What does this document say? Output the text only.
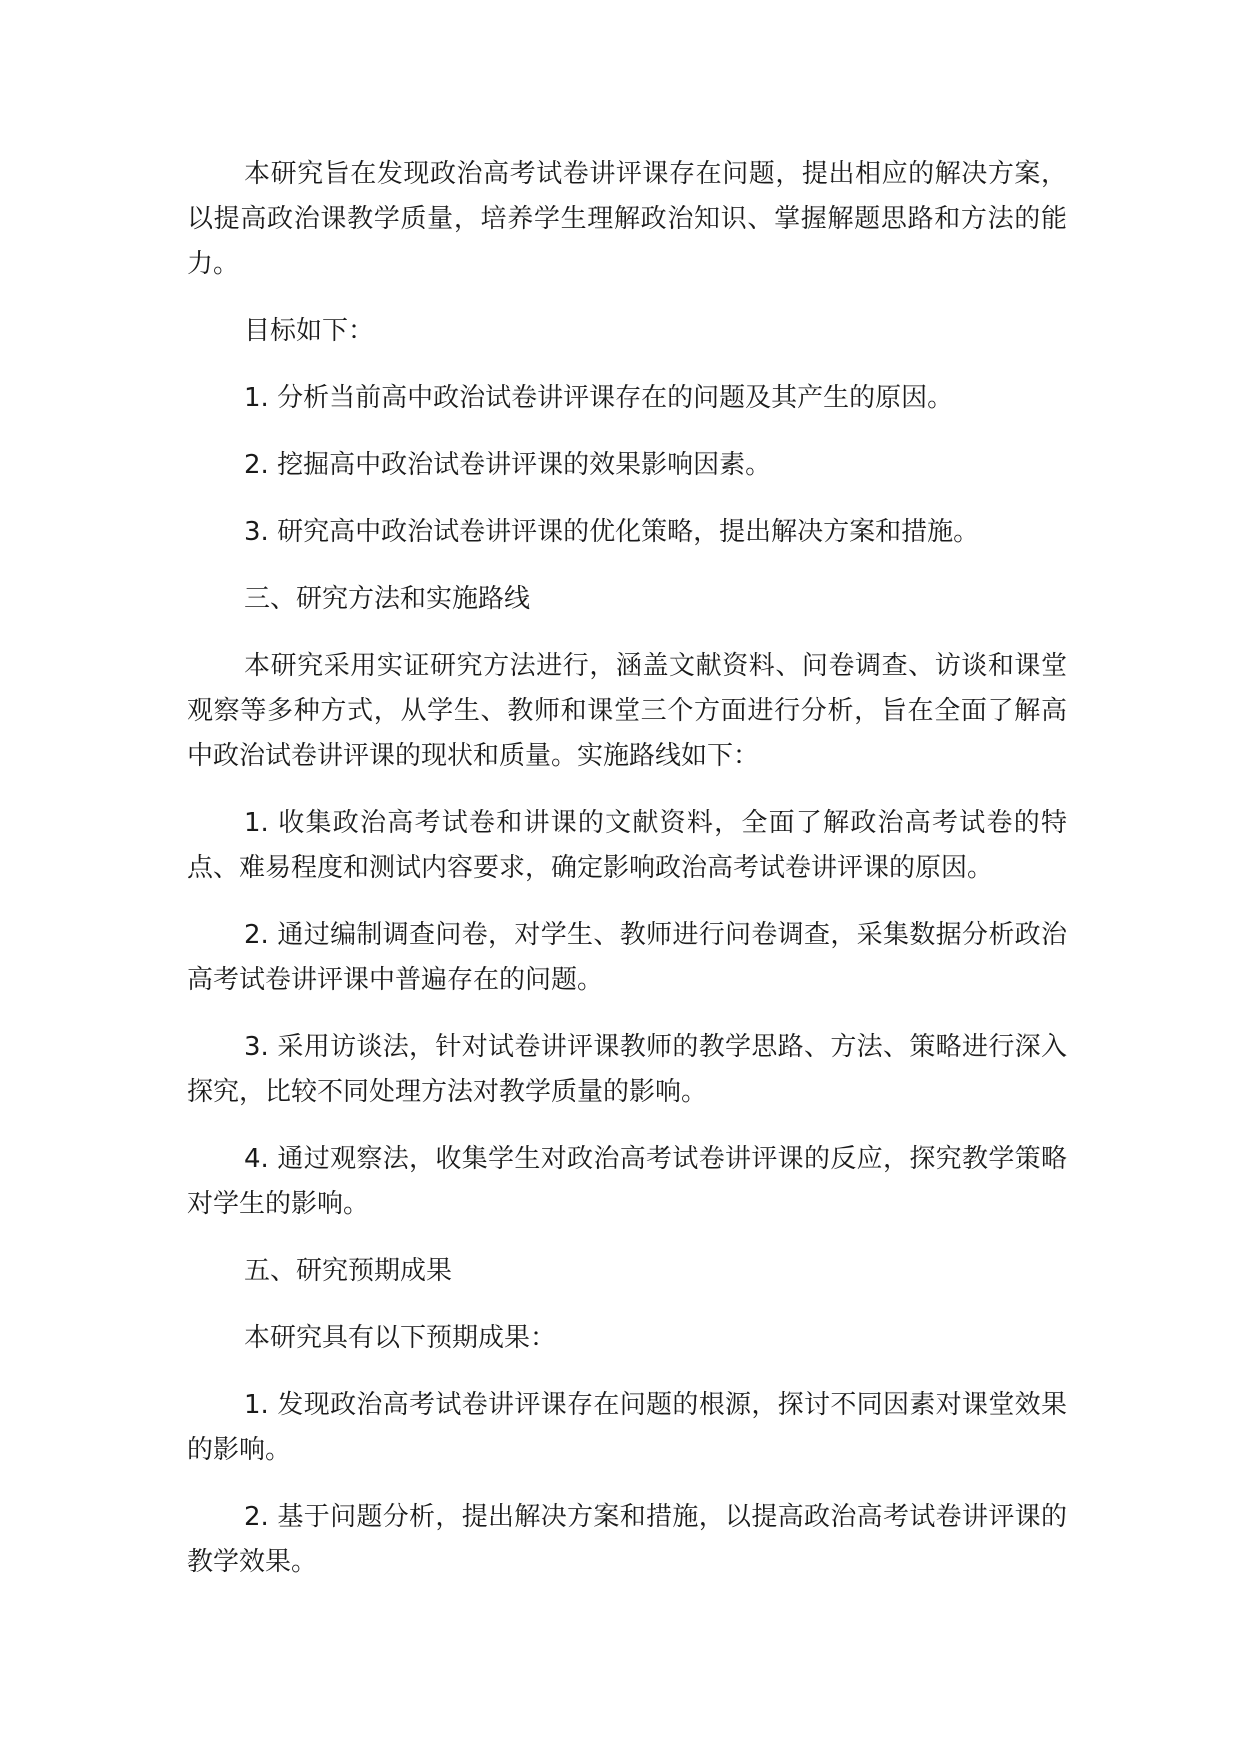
本研究旨在发现政治高考试卷讲评课存在问题，提出相应的解决方案，以提高政治课教学质量，培养学生理解政治知识、掌握解题思路和方法的能力。

目标如下：

1. 分析当前高中政治试卷讲评课存在的问题及其产生的原因。

2. 挖掘高中政治试卷讲评课的效果影响因素。

3. 研究高中政治试卷讲评课的优化策略，提出解决方案和措施。

三、研究方法和实施路线

本研究采用实证研究方法进行，涵盖文献资料、问卷调查、访谈和课堂观察等多种方式，从学生、教师和课堂三个方面进行分析，旨在全面了解高中政治试卷讲评课的现状和质量。实施路线如下：

1. 收集政治高考试卷和讲课的文献资料，全面了解政治高考试卷的特点、难易程度和测试内容要求，确定影响政治高考试卷讲评课的原因。

2. 通过编制调查问卷，对学生、教师进行问卷调查，采集数据分析政治高考试卷讲评课中普遍存在的问题。

3. 采用访谈法，针对试卷讲评课教师的教学思路、方法、策略进行深入探究，比较不同处理方法对教学质量的影响。

4. 通过观察法，收集学生对政治高考试卷讲评课的反应，探究教学策略对学生的影响。

五、研究预期成果

本研究具有以下预期成果：

1. 发现政治高考试卷讲评课存在问题的根源，探讨不同因素对课堂效果的影响。

2. 基于问题分析，提出解决方案和措施，以提高政治高考试卷讲评课的教学效果。
